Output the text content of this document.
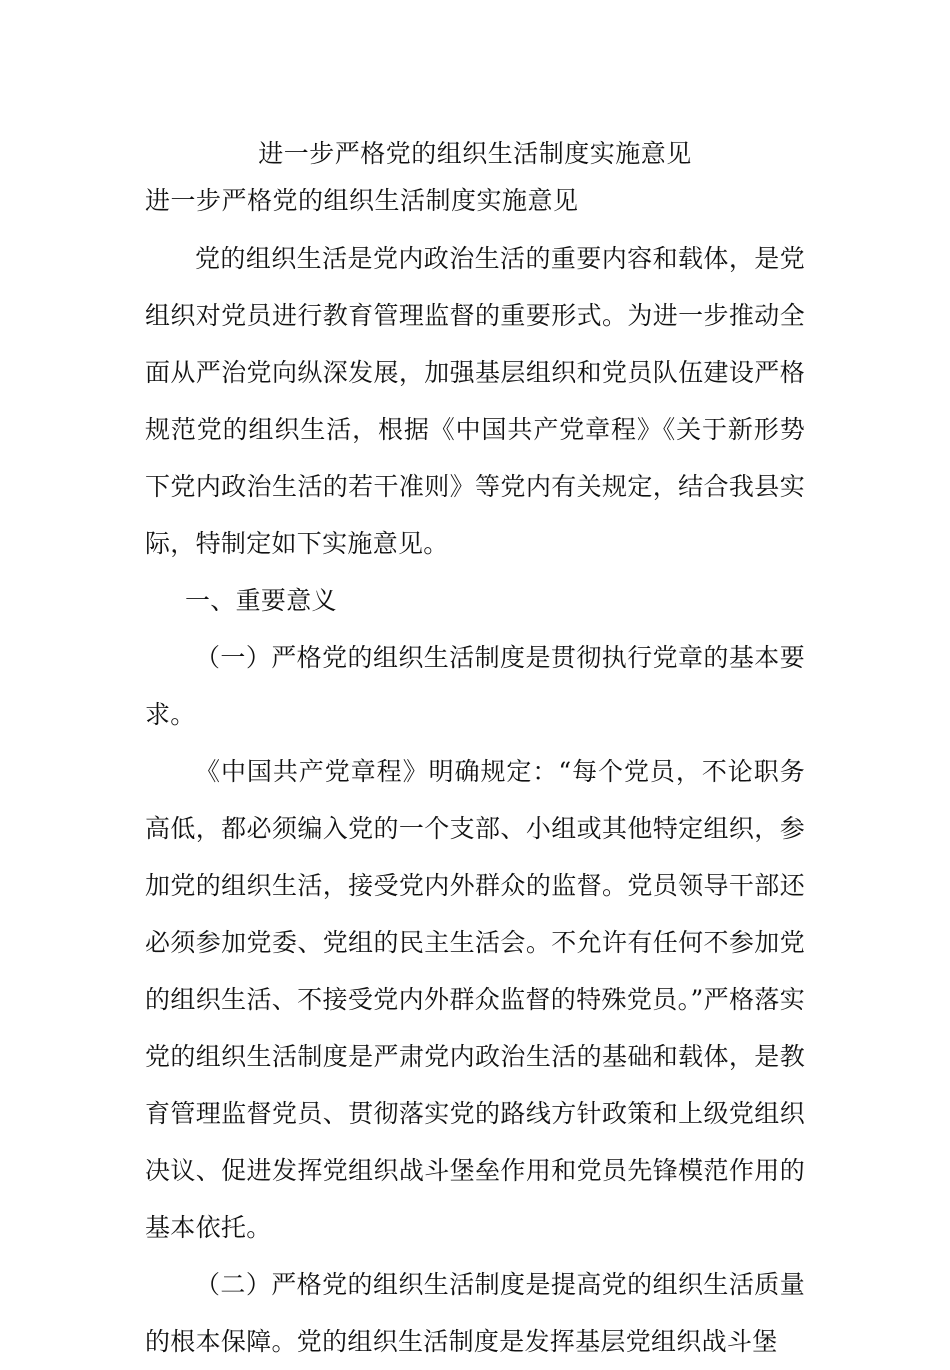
进一步严格党的组织生活制度实施意见
进一步严格党的组织生活制度实施意见

党的组织生活是党内政治生活的重要内容和载体，是党组织对党员进行教育管理监督的重要形式。为进一步推动全面从严治党向纵深发展，加强基层组织和党员队伍建设严格规范党的组织生活，根据《中国共产党章程》《关于新形势下党内政治生活的若干准则》等党内有关规定，结合我县实际，特制定如下实施意见。

一、重要意义

（一）严格党的组织生活制度是贯彻执行党章的基本要求。

《中国共产党章程》明确规定：“每个党员，不论职务高低，都必须编入党的一个支部、小组或其他特定组织，参加党的组织生活，接受党内外群众的监督。党员领导干部还必须参加党委、党组的民主生活会。不允许有任何不参加党的组织生活、不接受党内外群众监督的特殊党员。”严格落实党的组织生活制度是严肃党内政治生活的基础和载体，是教育管理监督党员、贯彻落实党的路线方针政策和上级党组织决议、促进发挥党组织战斗堡垒作用和党员先锋模范作用的基本依托。

（二）严格党的组织生活制度是提高党的组织生活质量的根本保障。党的组织生活制度是发挥基层党组织战斗堡
